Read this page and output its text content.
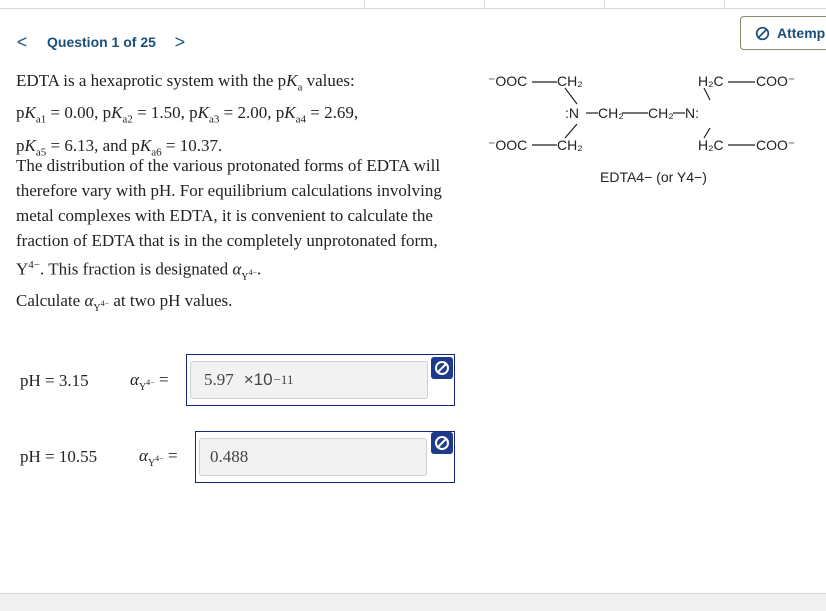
<	Question 1 of 25 >	Attemp
EDTA is a hexaprotic system with the $pK_a$ values:
$pK_{a1} = 0.00$, $pK_{a2} = 1.50$, $pK_{a3} = 2.00$, $pK_{a4} = 2.69$,
$pK_{a5} = 6.13$, and $pK_{a6} = 10.37$.
The distribution of the various protonated forms of EDTA will therefore vary with pH. For equilibrium calculations involving metal complexes with EDTA, it is convenient to calculate the fraction of EDTA that is in the completely unprotonated form, $Y^{4-}$. This fraction is designated $\alpha_{Y^{4-}}$.
Calculate $\alpha_{Y^{4-}}$ at two pH values.
⁻OOC CH₂	H₂C COO⁻
:N CH₂ CH₂ N:
⁻OOC CH₂	H₂C COO⁻
EDTA4− (or Y4−)
pH = 3.15	$\alpha_{Y^{4-}} = 5.97 \times 10 -11$
pH = 10.55	$\alpha_{Y^{4-}} = 0.488$
